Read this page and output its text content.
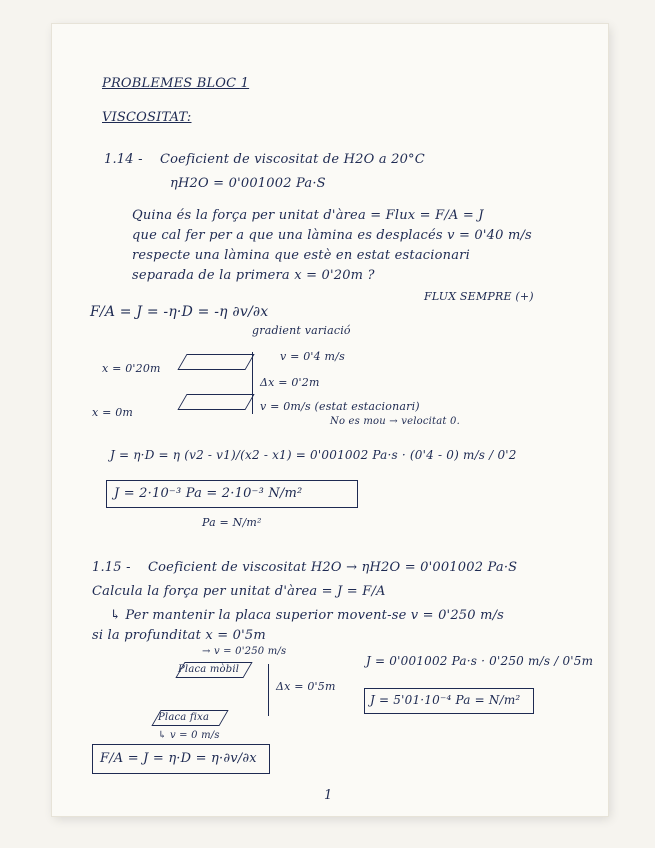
PROBLEMES BLOC 1
VISCOSITAT:
1.14 - Coeficient de viscositat de H2O a 20°C
ηH2O = 0'001002 Pa·S
Quina és la força per unitat d'àrea = Flux = F/A = J
que cal fer per a que una làmina es desplacés v = 0'40 m/s
respecte una làmina que estè en estat estacionari
separada de la primera x = 0'20m ?
F/A = J = -η·D = -η ∂v/∂x
FLUX SEMPRE (+)
gradient variació
x = 0'20m
v = 0'4 m/s
Δx = 0'2m
x = 0m	v = 0m/s (estat estacionari)
No es mou → velocitat 0.
J = η·D = η (v2 - v1)/(x2 - x1) = 0'001002 Pa·s · (0'4 - 0) m/s / 0'2
J = 2·10⁻³ Pa = 2·10⁻³ N/m²
Pa = N/m²
1.15 - Coeficient de viscositat H2O → ηH2O = 0'001002 Pa·S
Calcula la força per unitat d'àrea = J = F/A
↳ Per mantenir la placa superior movent-se v = 0'250 m/s
si la profunditat x = 0'5m
→ v = 0'250 m/s
Placa mòbil
Δx = 0'5m
Placa fixa
↳ v = 0 m/s
J = 0'001002 Pa·s · 0'250 m/s / 0'5m
J = 5'01·10⁻⁴ Pa = N/m²
F/A = J = η·D = η·∂v/∂x
1
